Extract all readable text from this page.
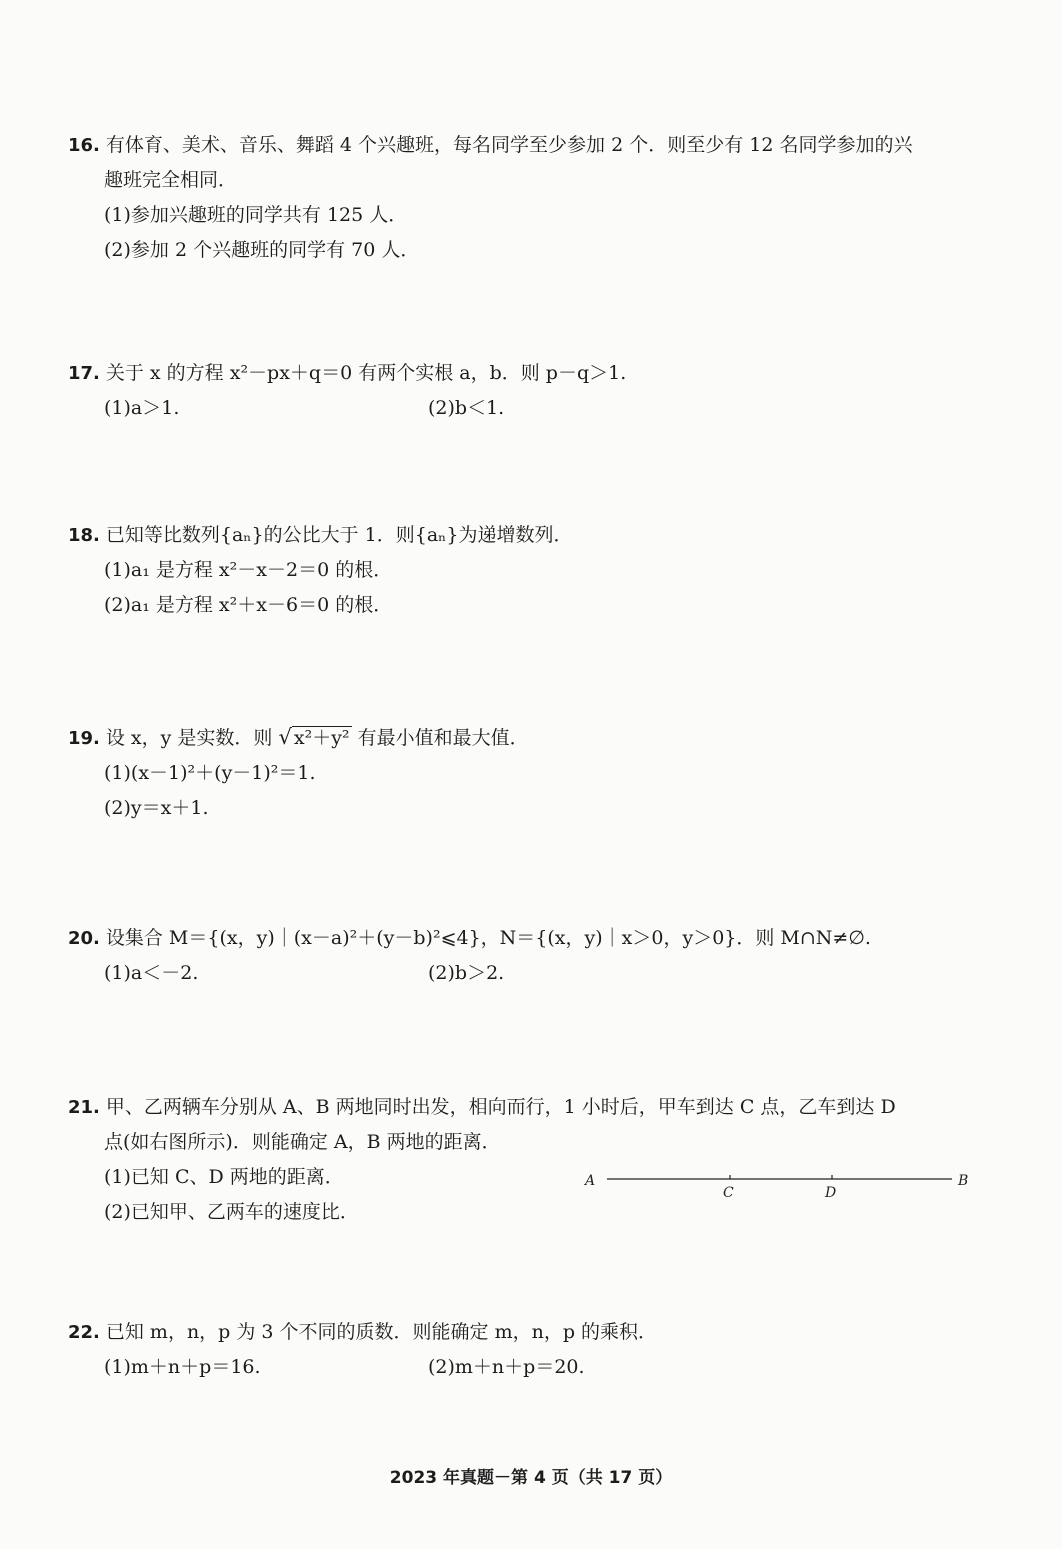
16. 有体育、美术、音乐、舞蹈 4 个兴趣班，每名同学至少参加 2 个．则至少有 12 名同学参加的兴
趣班完全相同．
(1)参加兴趣班的同学共有 125 人．
(2)参加 2 个兴趣班的同学有 70 人．
17. 关于 x 的方程 x²－px＋q＝0 有两个实根 a，b．则 p－q＞1.
(1)a＞1.	(2)b＜1.
18. 已知等比数列{aₙ}的公比大于 1．则{aₙ}为递增数列．
(1)a₁ 是方程 x²－x－2＝0 的根．
(2)a₁ 是方程 x²＋x－6＝0 的根．
19. 设 x，y 是实数．则 √ x²＋y² 有最小值和最大值．
(1)(x－1)²＋(y－1)²＝1.
(2)y＝x＋1.
20. 设集合 M＝{(x，y)｜(x－a)²＋(y－b)²⩽4}，N＝{(x，y)｜x＞0，y＞0}．则 M∩N≠∅.
(1)a＜－2.	(2)b＞2.
21. 甲、乙两辆车分别从 A、B 两地同时出发，相向而行，1 小时后，甲车到达 C 点，乙车到达 D
点(如右图所示)．则能确定 A，B 两地的距离．
(1)已知 C、D 两地的距离．
(2)已知甲、乙两车的速度比．
A	B
C	D
22. 已知 m，n，p 为 3 个不同的质数．则能确定 m，n，p 的乘积．
(1)m＋n＋p＝16.	(2)m＋n＋p＝20.
2023 年真题－第 4 页（共 17 页）
